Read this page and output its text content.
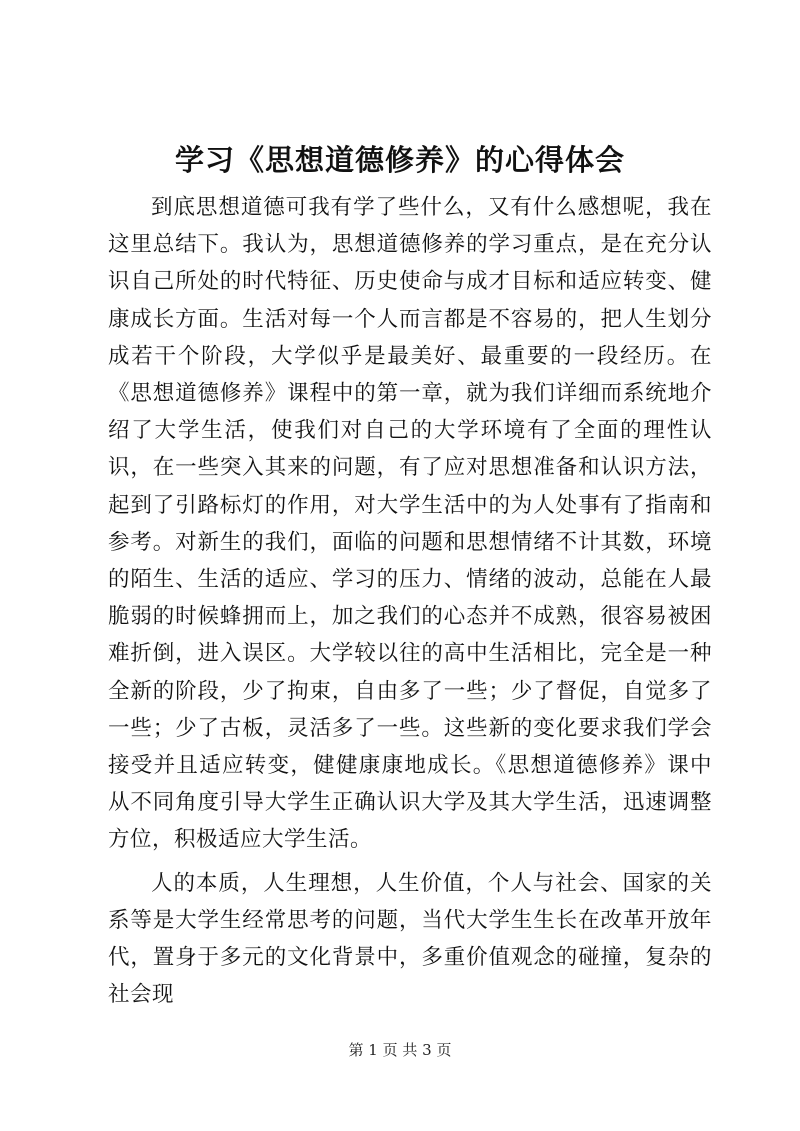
学习《思想道德修养》的心得体会

到底思想道德可我有学了些什么，又有什么感想呢，我在这里总结下。我认为，思想道德修养的学习重点，是在充分认识自己所处的时代特征、历史使命与成才目标和适应转变、健康成长方面。生活对每一个人而言都是不容易的，把人生划分成若干个阶段，大学似乎是最美好、最重要的一段经历。在《思想道德修养》课程中的第一章，就为我们详细而系统地介绍了大学生活，使我们对自己的大学环境有了全面的理性认识，在一些突入其来的问题，有了应对思想准备和认识方法，起到了引路标灯的作用，对大学生活中的为人处事有了指南和参考。对新生的我们，面临的问题和思想情绪不计其数，环境的陌生、生活的适应、学习的压力、情绪的波动，总能在人最脆弱的时候蜂拥而上，加之我们的心态并不成熟，很容易被困难折倒，进入误区。大学较以往的高中生活相比，完全是一种全新的阶段，少了拘束，自由多了一些；少了督促，自觉多了一些；少了古板，灵活多了一些。这些新的变化要求我们学会接受并且适应转变，健健康康地成长。《思想道德修养》课中从不同角度引导大学生正确认识大学及其大学生活，迅速调整方位，积极适应大学生活。

人的本质，人生理想，人生价值，个人与社会、国家的关系等是大学生经常思考的问题，当代大学生生长在改革开放年代，置身于多元的文化背景中，多重价值观念的碰撞，复杂的社会现

第 1 页 共 3 页
